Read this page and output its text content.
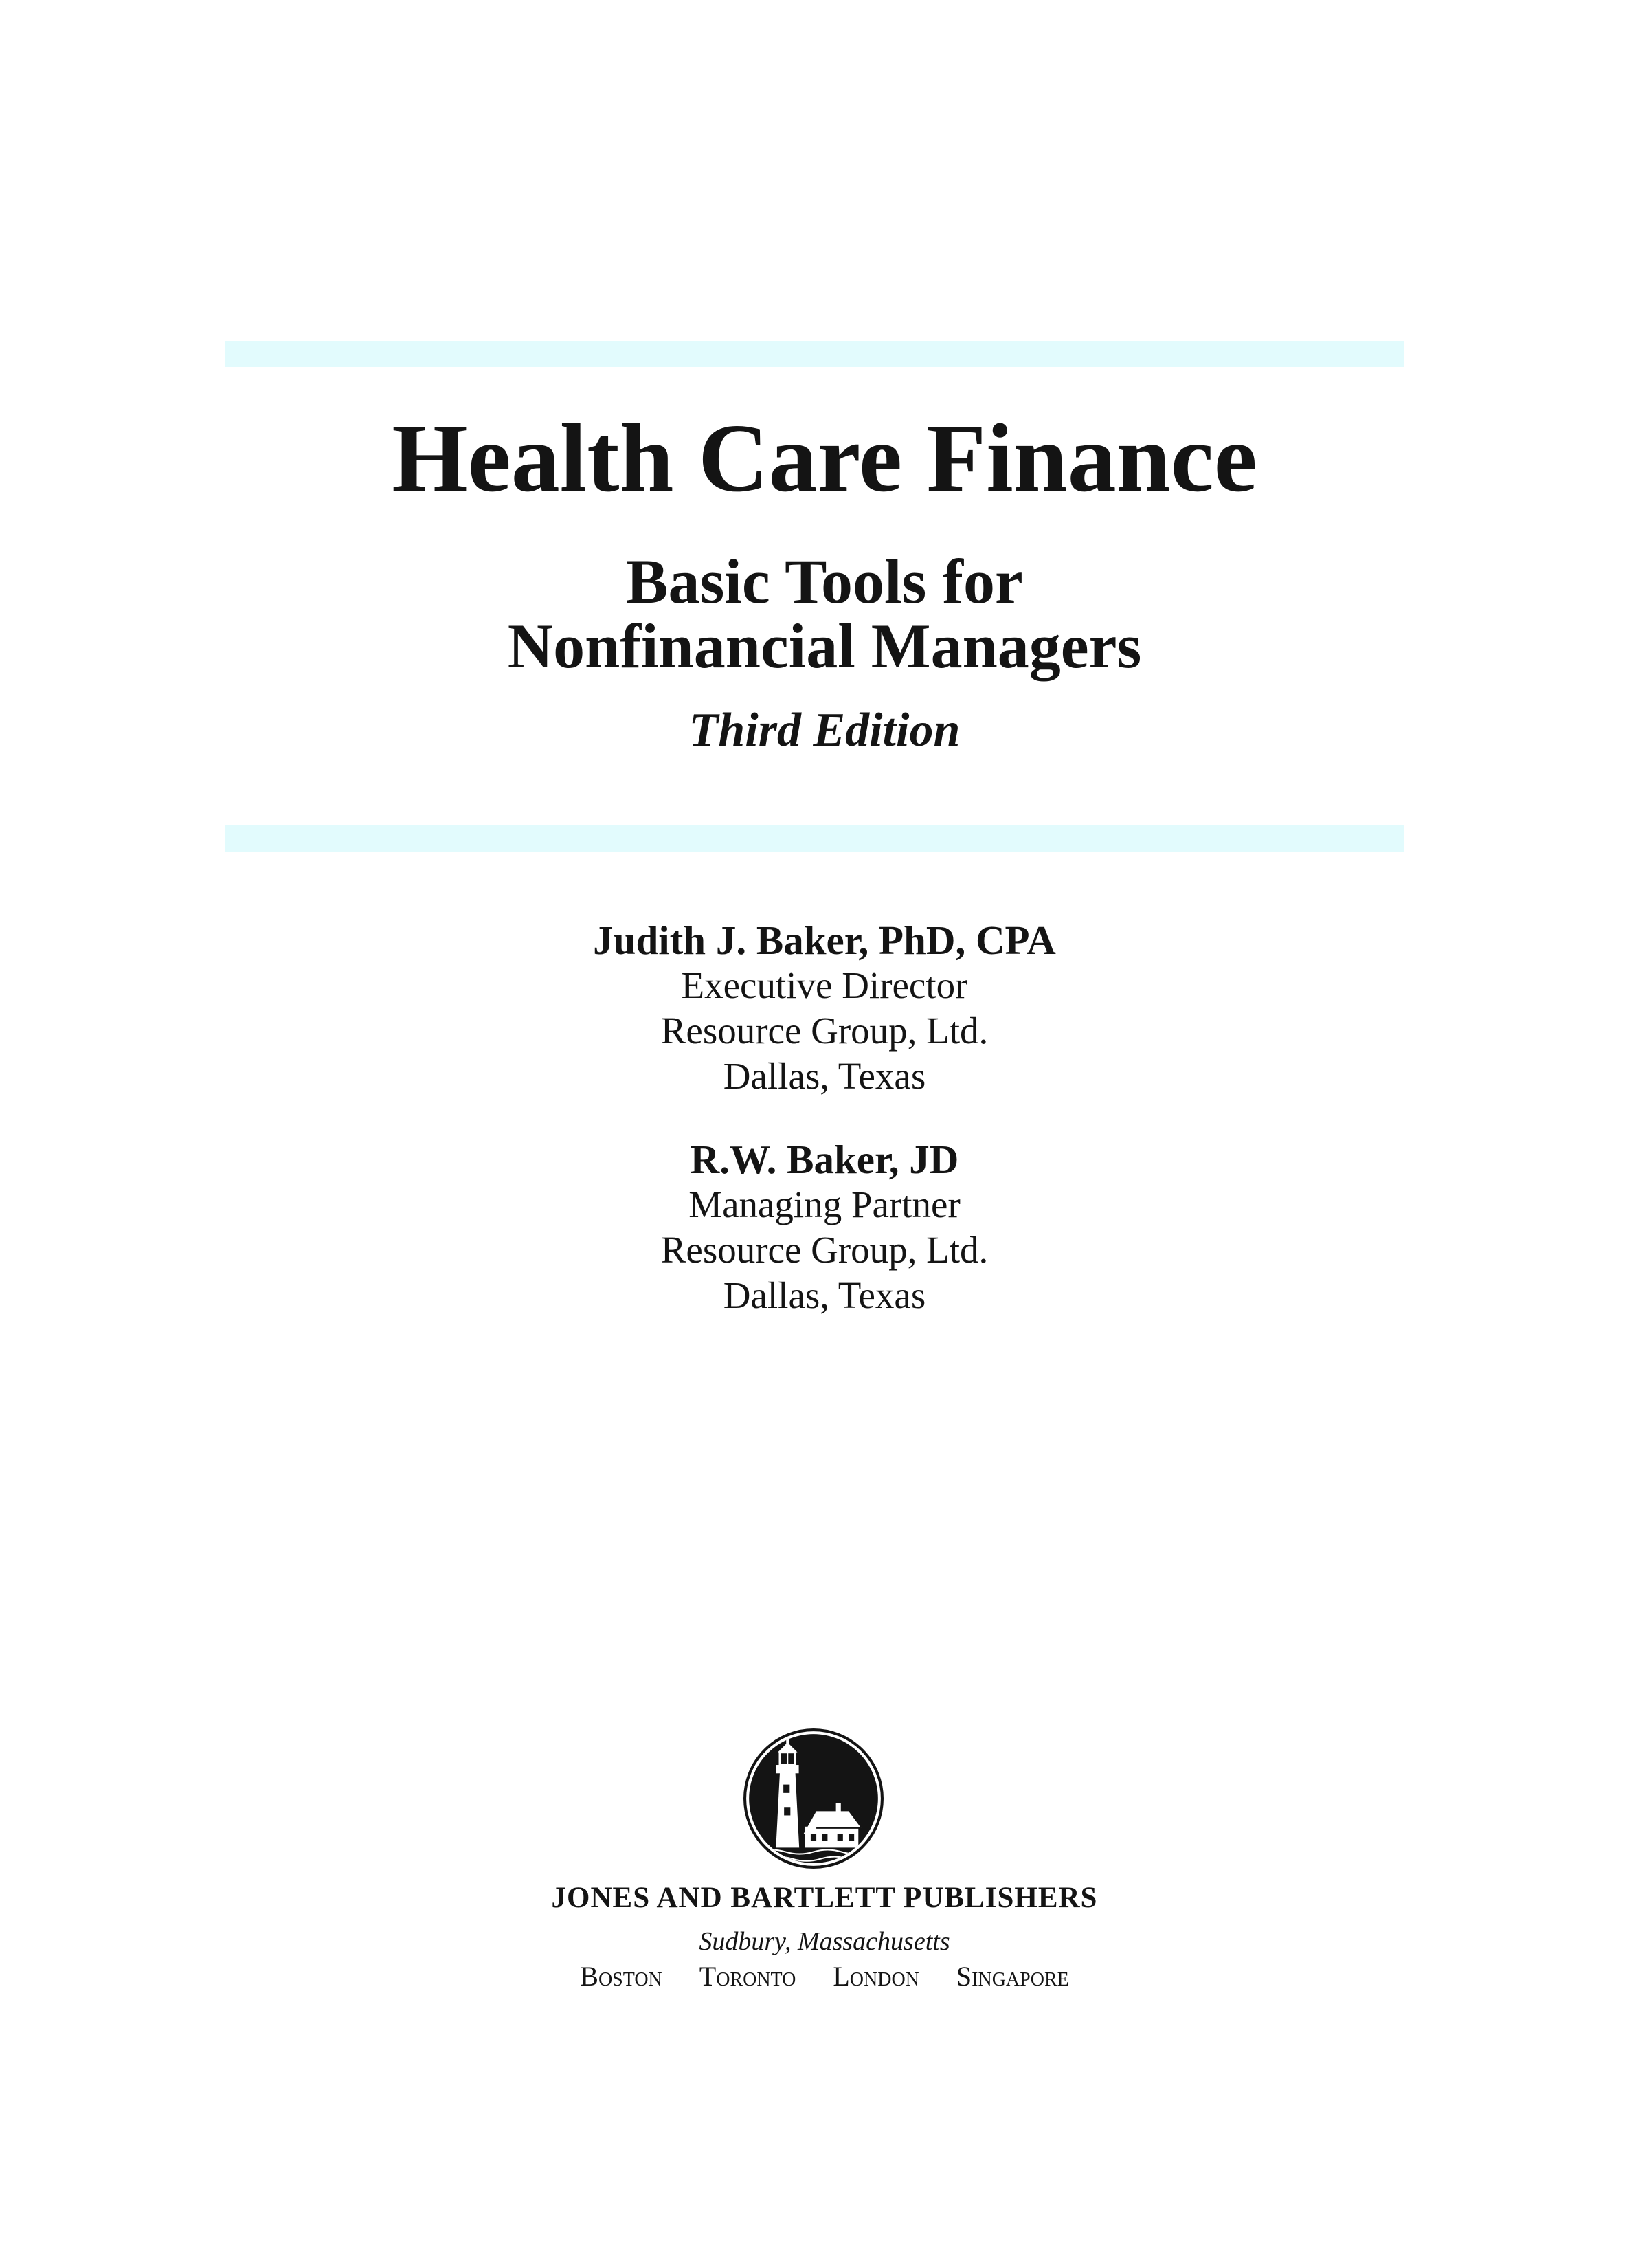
Health Care Finance
Basic Tools for
Nonfinancial Managers
Third Edition
Judith J. Baker, PhD, CPA
Executive Director
Resource Group, Ltd.
Dallas, Texas
R.W. Baker, JD
Managing Partner
Resource Group, Ltd.
Dallas, Texas
JONES AND BARTLETT PUBLISHERS
Sudbury, Massachusetts
Boston Toronto London Singapore
